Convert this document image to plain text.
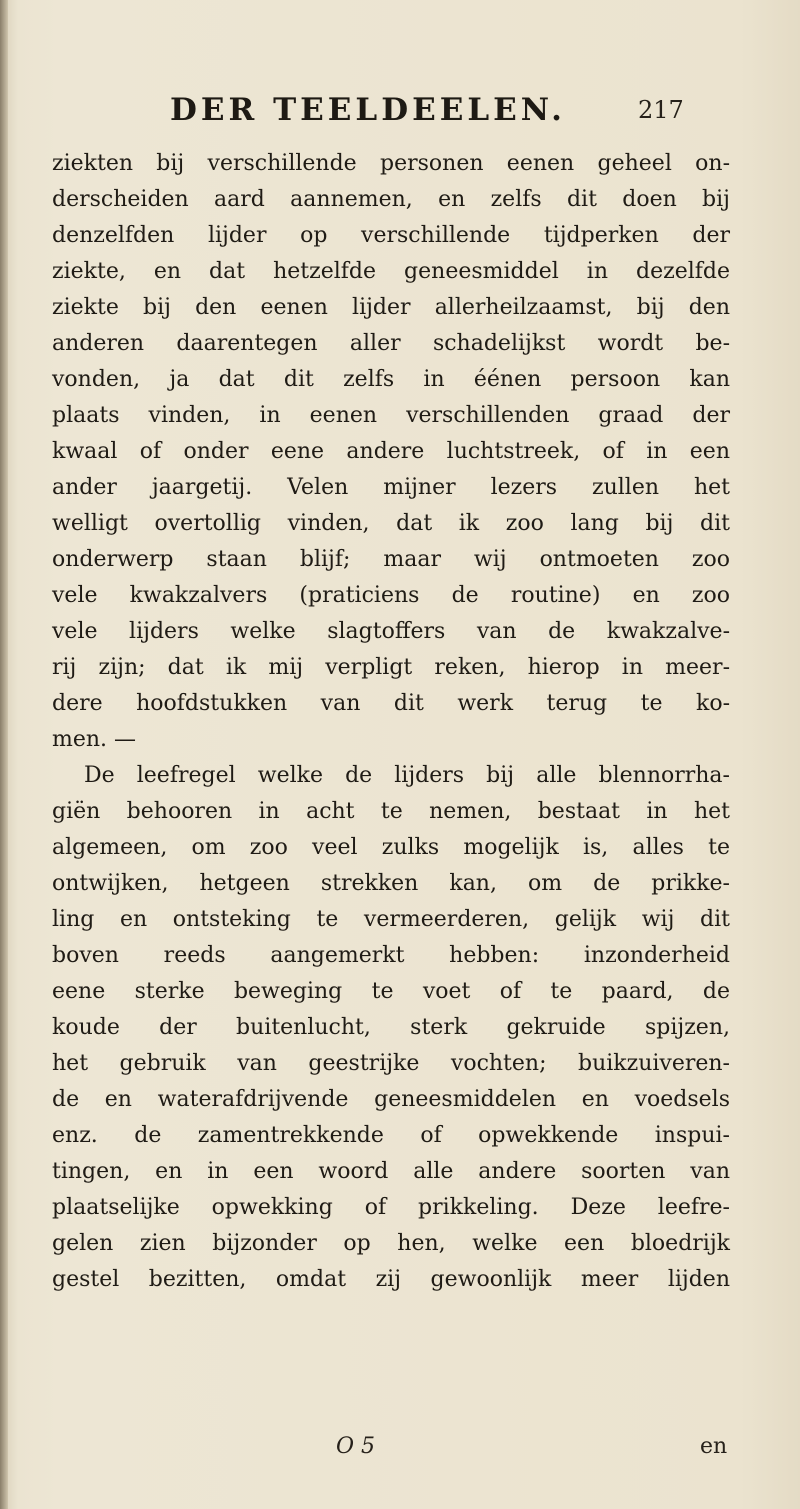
DER TEELDEELEN.	217
ziekten bij verschillende personen eenen geheel on-
derscheiden aard aannemen, en zelfs dit doen bij
denzelfden lijder op verschillende tijdperken der
ziekte, en dat hetzelfde geneesmiddel in dezelfde
ziekte bij den eenen lijder allerheilzaamst, bij den
anderen daarentegen aller schadelijkst wordt be-
vonden, ja dat dit zelfs in éénen persoon kan
plaats vinden, in eenen verschillenden graad der
kwaal of onder eene andere luchtstreek, of in een
ander jaargetij. Velen mijner lezers zullen het
welligt overtollig vinden, dat ik zoo lang bij dit
onderwerp staan blijf; maar wij ontmoeten zoo
vele kwakzalvers (praticiens de routine) en zoo
vele lijders welke slagtoffers van de kwakzalve-
rij zijn; dat ik mij verpligt reken, hierop in meer-
dere hoofdstukken van dit werk terug te ko-
men. —
De leefregel welke de lijders bij alle blennorrha-
giën behooren in acht te nemen, bestaat in het
algemeen, om zoo veel zulks mogelijk is, alles te
ontwijken, hetgeen strekken kan, om de prikke-
ling en ontsteking te vermeerderen, gelijk wij dit
boven reeds aangemerkt hebben: inzonderheid
eene sterke beweging te voet of te paard, de
koude der buitenlucht, sterk gekruide spijzen,
het gebruik van geestrijke vochten; buikzuiveren-
de en waterafdrijvende geneesmiddelen en voedsels
enz. de zamentrekkende of opwekkende inspui-
tingen, en in een woord alle andere soorten van
plaatselijke opwekking of prikkeling. Deze leefre-
gelen zien bijzonder op hen, welke een bloedrijk
gestel bezitten, omdat zij gewoonlijk meer lijden
O 5	en
